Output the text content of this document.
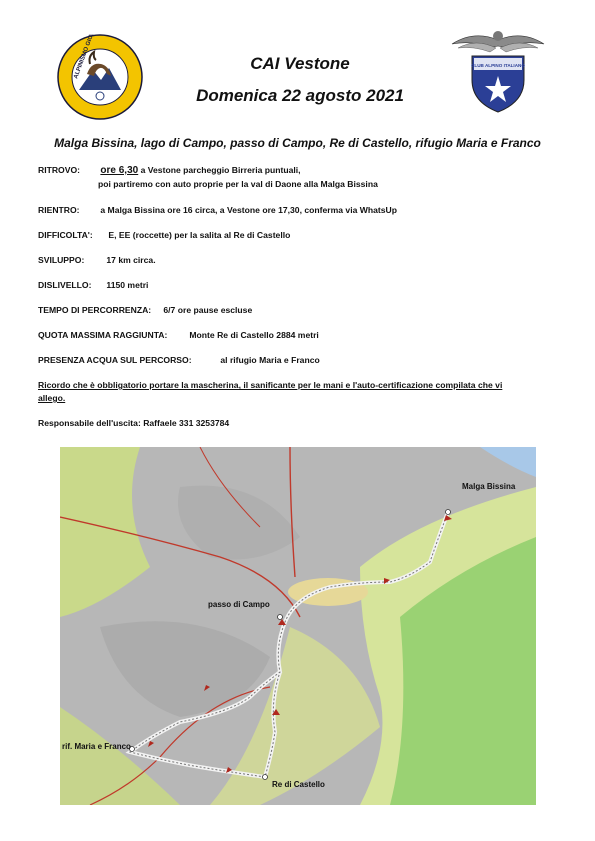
CLUB ALPINO ITALIANO
CAI Vestone
Domenica 22 agosto 2021
Malga Bissina, lago di Campo, passo di Campo, Re di Castello, rifugio Maria e Franco
RITROVO: ore 6,30 a Vestone parcheggio Birreria puntuali,
poi partiremo con auto proprie per la val di Daone alla Malga Bissina
RIENTRO: a Malga Bissina ore 16 circa, a Vestone ore 17,30, conferma via WhatsUp
DIFFICOLTA': E, EE (roccette) per la salita al Re di Castello
SVILUPPO:	17 km circa.
DISLIVELLO: 1150 metri
TEMPO DI PERCORRENZA: 6/7 ore pause escluse
QUOTA MASSIMA RAGGIUNTA:	Monte Re di Castello 2884 metri
PRESENZA ACQUA SUL PERCORSO:	al rifugio Maria e Franco
Ricordo che è obbligatorio portare la mascherina, il sanificante per le mani e l'auto-certificazione compilata che vi
allego.
Responsabile dell'uscita: Raffaele 331 3253784
Malga Bissina
passo di Campo
rif. Maria e Franco
Re di Castello
